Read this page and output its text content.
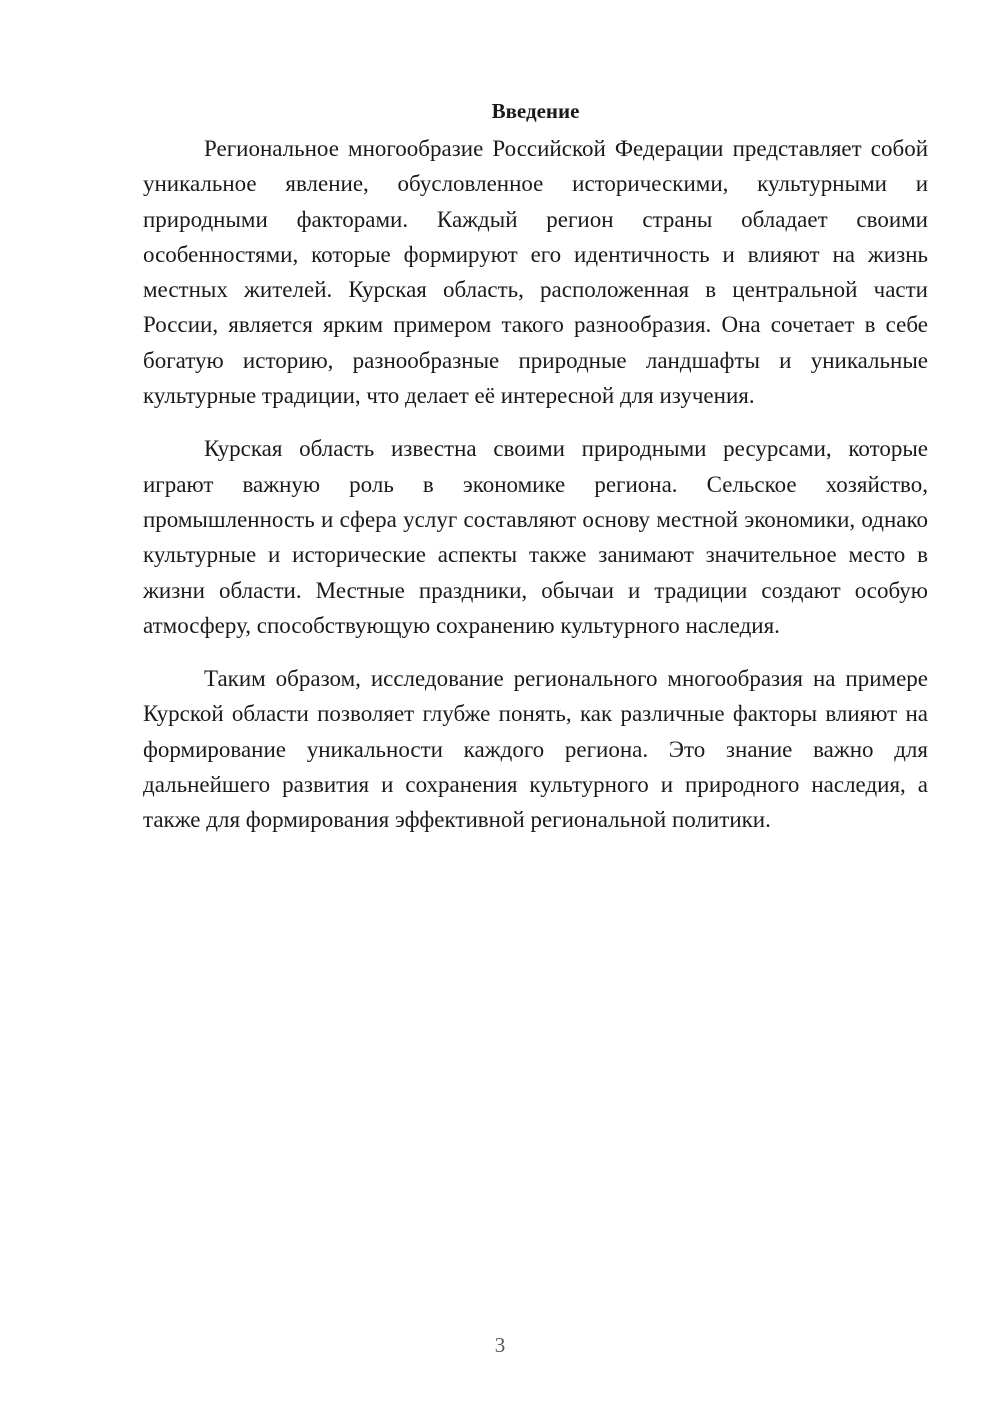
Введение

Региональное многообразие Российской Федерации представляет собой уникальное явление, обусловленное историческими, культурными и природными факторами. Каждый регион страны обладает своими особенностями, которые формируют его идентичность и влияют на жизнь местных жителей. Курская область, расположенная в центральной части России, является ярким примером такого разнообразия. Она сочетает в себе богатую историю, разнообразные природные ландшафты и уникальные культурные традиции, что делает её интересной для изучения.

Курская область известна своими природными ресурсами, которые играют важную роль в экономике региона. Сельское хозяйство, промышленность и сфера услуг составляют основу местной экономики, однако культурные и исторические аспекты также занимают значительное место в жизни области. Местные праздники, обычаи и традиции создают особую атмосферу, способствующую сохранению культурного наследия.

Таким образом, исследование регионального многообразия на примере Курской области позволяет глубже понять, как различные факторы влияют на формирование уникальности каждого региона. Это знание важно для дальнейшего развития и сохранения культурного и природного наследия, а также для формирования эффективной региональной политики.

3
